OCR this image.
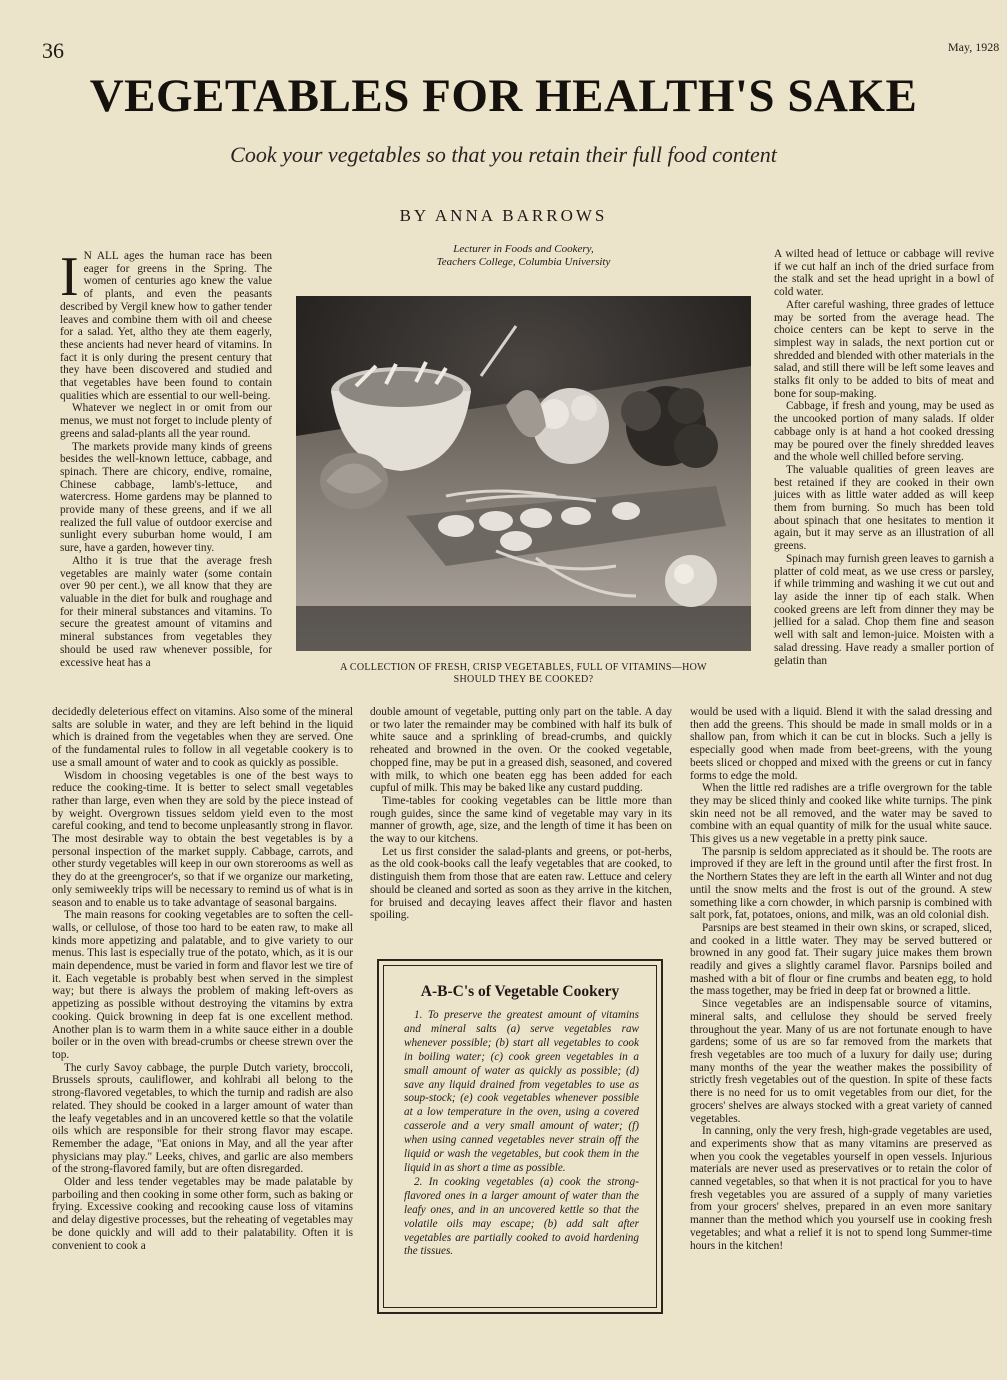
36	May, 1928
VEGETABLES FOR HEALTH'S SAKE
Cook your vegetables so that you retain their full food content
BY ANNA BARROWS
Lecturer in Foods and Cookery,
Teachers College, Columbia University

I N ALL ages the human race has been eager for greens in the Spring. The women of centuries ago knew the value of plants, and even the peasants described by Vergil knew how to gather tender leaves and combine them with oil and cheese for a salad. Yet, altho they ate them eagerly, these ancients had never heard of vitamins. In fact it is only during the present century that they have been discovered and studied and that vegetables have been found to contain qualities which are essential to our well-being.

Whatever we neglect in or omit from our menus, we must not forget to include plenty of greens and salad-plants all the year round.

The markets provide many kinds of greens besides the well-known lettuce, cabbage, and spinach. There are chicory, endive, romaine, Chinese cabbage, lamb's-lettuce, and watercress. Home gardens may be planned to provide many of these greens, and if we all realized the full value of outdoor exercise and sunlight every suburban home would, I am sure, have a garden, however tiny.

Altho it is true that the average fresh vegetables are mainly water (some contain over 90 per cent.), we all know that they are valuable in the diet for bulk and roughage and for their mineral substances and vitamins. To secure the greatest amount of vitamins and mineral substances from vegetables they should be used raw whenever possible, for excessive heat has a	A COLLECTION OF FRESH, CRISP VEGETABLES, FULL OF VITAMINS—HOW
SHOULD THEY BE COOKED?

decidedly deleterious effect on vitamins. Also some of the mineral salts are soluble in water, and they are left behind in the liquid which is drained from the vegetables when they are served. One of the fundamental rules to follow in all vegetable cookery is to use a small amount of water and to cook as quickly as possible.

Wisdom in choosing vegetables is one of the best ways to reduce the cooking-time. It is better to select small vegetables rather than large, even when they are sold by the piece instead of by weight. Overgrown tissues seldom yield even to the most careful cooking, and tend to become unpleasantly strong in flavor. The most desirable way to obtain the best vegetables is by a personal inspection of the market supply. Cabbage, carrots, and other sturdy vegetables will keep in our own storerooms as well as they do at the greengrocer's, so that if we organize our marketing, only semiweekly trips will be necessary to remind us of what is in season and to enable us to take advantage of seasonal bargains.

The main reasons for cooking vegetables are to soften the cell-walls, or cellulose, of those too hard to be eaten raw, to make all kinds more appetizing and palatable, and to give variety to our menus. This last is especially true of the potato, which, as it is our main dependence, must be varied in form and flavor lest we tire of it. Each vegetable is probably best when served in the simplest way; but there is always the problem of making left-overs as appetizing as possible without destroying the vitamins by extra cooking. Quick browning in deep fat is one excellent method. Another plan is to warm them in a white sauce either in a double boiler or in the oven with bread-crumbs or cheese strewn over the top.

The curly Savoy cabbage, the purple Dutch variety, broccoli, Brussels sprouts, cauliflower, and kohlrabi all belong to the strong-flavored vegetables, to which the turnip and radish are also related. They should be cooked in a larger amount of water than the leafy vegetables and in an uncovered kettle so that the volatile oils which are responsible for their strong flavor may escape. Remember the adage, "Eat onions in May, and all the year after physicians may play." Leeks, chives, and garlic are also members of the strong-flavored family, but are often disregarded.

Older and less tender vegetables may be made palatable by parboiling and then cooking in some other form, such as baking or frying. Excessive cooking and recooking cause loss of vitamins and delay digestive processes, but the reheating of vegetables may be done quickly and will add to their palatability. Often it is convenient to cook a

double amount of vegetable, putting only part on the table. A day or two later the remainder may be combined with half its bulk of white sauce and a sprinkling of bread-crumbs, and quickly reheated and browned in the oven. Or the cooked vegetable, chopped fine, may be put in a greased dish, seasoned, and covered with milk, to which one beaten egg has been added for each cupful of milk. This may be baked like any custard pudding.

Time-tables for cooking vegetables can be little more than rough guides, since the same kind of vegetable may vary in its manner of growth, age, size, and the length of time it has been on the way to our kitchens.

Let us first consider the salad-plants and greens, or pot-herbs, as the old cook-books call the leafy vegetables that are cooked, to distinguish them from those that are eaten raw. Lettuce and celery should be cleaned and sorted as soon as they arrive in the kitchen, for bruised and decaying leaves affect their flavor and hasten spoiling.

A-B-C's of Vegetable Cookery

1. To preserve the greatest amount of vitamins and mineral salts (a) serve vegetables raw whenever possible; (b) start all vegetables to cook in boiling water; (c) cook green vegetables in a small amount of water as quickly as possible; (d) save any liquid drained from vegetables to use as soup-stock; (e) cook vegetables whenever possible at a low temperature in the oven, using a covered casserole and a very small amount of water; (f) when using canned vegetables never strain off the liquid or wash the vegetables, but cook them in the liquid in as short a time as possible.

2. In cooking vegetables (a) cook the strong-flavored ones in a larger amount of water than the leafy ones, and in an uncovered kettle so that the volatile oils may escape; (b) add salt after vegetables are partially cooked to avoid hardening the tissues.

A wilted head of lettuce or cabbage will revive if we cut half an inch of the dried surface from the stalk and set the head upright in a bowl of cold water.

After careful washing, three grades of lettuce may be sorted from the average head. The choice centers can be kept to serve in the simplest way in salads, the next portion cut or shredded and blended with other materials in the salad, and still there will be left some leaves and stalks fit only to be added to bits of meat and bone for soup-making.

Cabbage, if fresh and young, may be used as the uncooked portion of many salads. If older cabbage only is at hand a hot cooked dressing may be poured over the finely shredded leaves and the whole well chilled before serving.

The valuable qualities of green leaves are best retained if they are cooked in their own juices with as little water added as will keep them from burning. So much has been told about spinach that one hesitates to mention it again, but it may serve as an illustration of all greens.

Spinach may furnish green leaves to garnish a platter of cold meat, as we use cress or parsley, if while trimming and washing it we cut out and lay aside the inner tip of each stalk. When cooked greens are left from dinner they may be jellied for a salad. Chop them fine and season well with salt and lemon-juice. Moisten with a salad dressing. Have ready a smaller portion of gelatin than

would be used with a liquid. Blend it with the salad dressing and then add the greens. This should be made in small molds or in a shallow pan, from which it can be cut in blocks. Such a jelly is especially good when made from beet-greens, with the young beets sliced or chopped and mixed with the greens or cut in fancy forms to edge the mold.

When the little red radishes are a trifle overgrown for the table they may be sliced thinly and cooked like white turnips. The pink skin need not be all removed, and the water may be saved to combine with an equal quantity of milk for the usual white sauce. This gives us a new vegetable in a pretty pink sauce.

The parsnip is seldom appreciated as it should be. The roots are improved if they are left in the ground until after the first frost. In the Northern States they are left in the earth all Winter and not dug until the snow melts and the frost is out of the ground. A stew something like a corn chowder, in which parsnip is combined with salt pork, fat, potatoes, onions, and milk, was an old colonial dish.

Parsnips are best steamed in their own skins, or scraped, sliced, and cooked in a little water. They may be served buttered or browned in any good fat. Their sugary juice makes them brown readily and gives a slightly caramel flavor. Parsnips boiled and mashed with a bit of flour or fine crumbs and beaten egg, to hold the mass together, may be fried in deep fat or browned a little.

Since vegetables are an indispensable source of vitamins, mineral salts, and cellulose they should be served freely throughout the year. Many of us are not fortunate enough to have gardens; some of us are so far removed from the markets that fresh vegetables are too much of a luxury for daily use; during many months of the year the weather makes the possibility of strictly fresh vegetables out of the question. In spite of these facts there is no need for us to omit vegetables from our diet, for the grocers' shelves are always stocked with a great variety of canned vegetables.

In canning, only the very fresh, high-grade vegetables are used, and experiments show that as many vitamins are preserved as when you cook the vegetables yourself in open vessels. Injurious materials are never used as preservatives or to retain the color of canned vegetables, so that when it is not practical for you to have fresh vegetables you are assured of a supply of many varieties from your grocers' shelves, prepared in an even more sanitary manner than the method which you yourself use in cooking fresh vegetables; and what a relief it is not to spend long Summer-time hours in the kitchen!
